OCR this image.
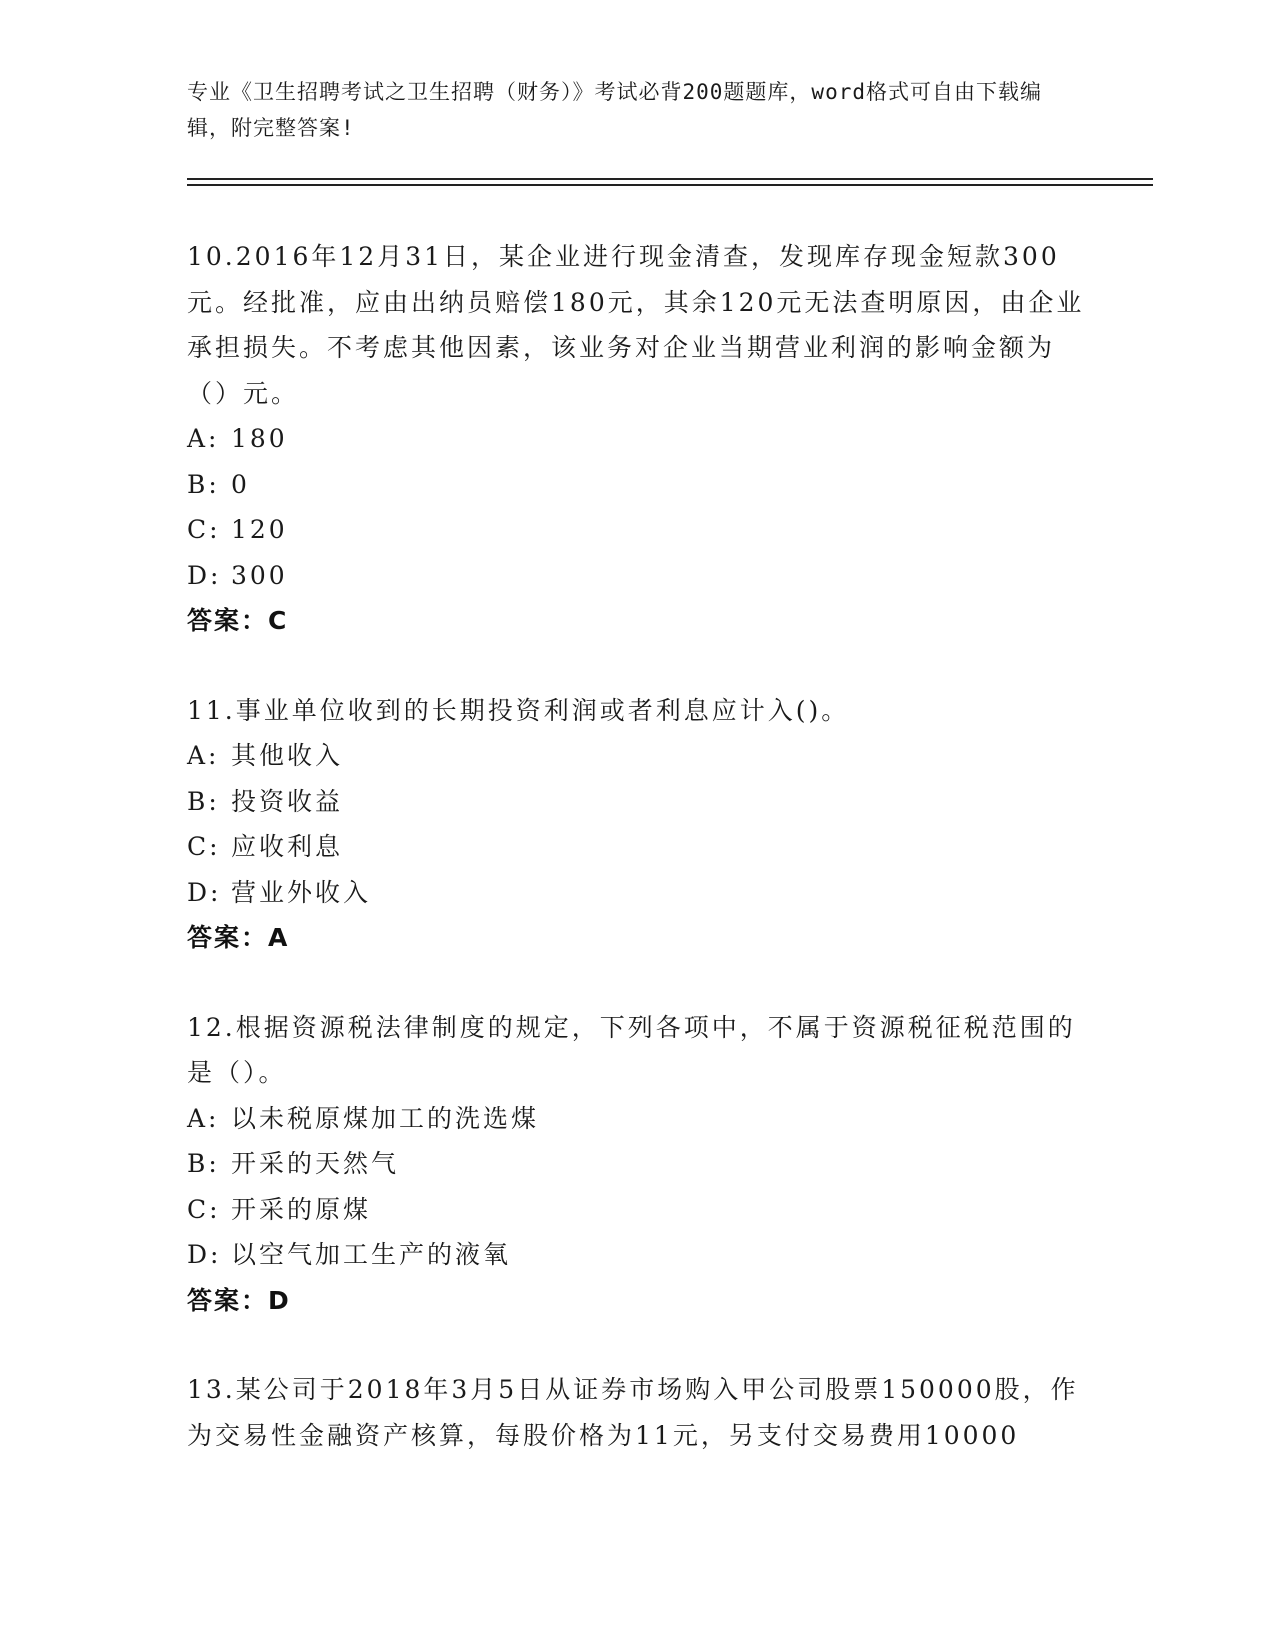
专业《卫生招聘考试之卫生招聘（财务）》考试必背200题题库，word格式可自由下载编辑，附完整答案!

10.2016年12月31日，某企业进行现金清查，发现库存现金短款300元。经批准，应由出纳员赔偿180元，其余120元无法查明原因，由企业承担损失。不考虑其他因素，该业务对企业当期营业利润的影响金额为（）元。

A: 180

B: 0

C: 120

D: 300

答案：C

11.事业单位收到的长期投资利润或者利息应计入()。

A: 其他收入

B: 投资收益

C: 应收利息

D: 营业外收入

答案：A

12.根据资源税法律制度的规定，下列各项中，不属于资源税征税范围的是（）。

A: 以未税原煤加工的洗选煤

B: 开采的天然气

C: 开采的原煤

D: 以空气加工生产的液氧

答案：D

13.某公司于2018年3月5日从证券市场购入甲公司股票150000股，作为交易性金融资产核算，每股价格为11元，另支付交易费用10000
